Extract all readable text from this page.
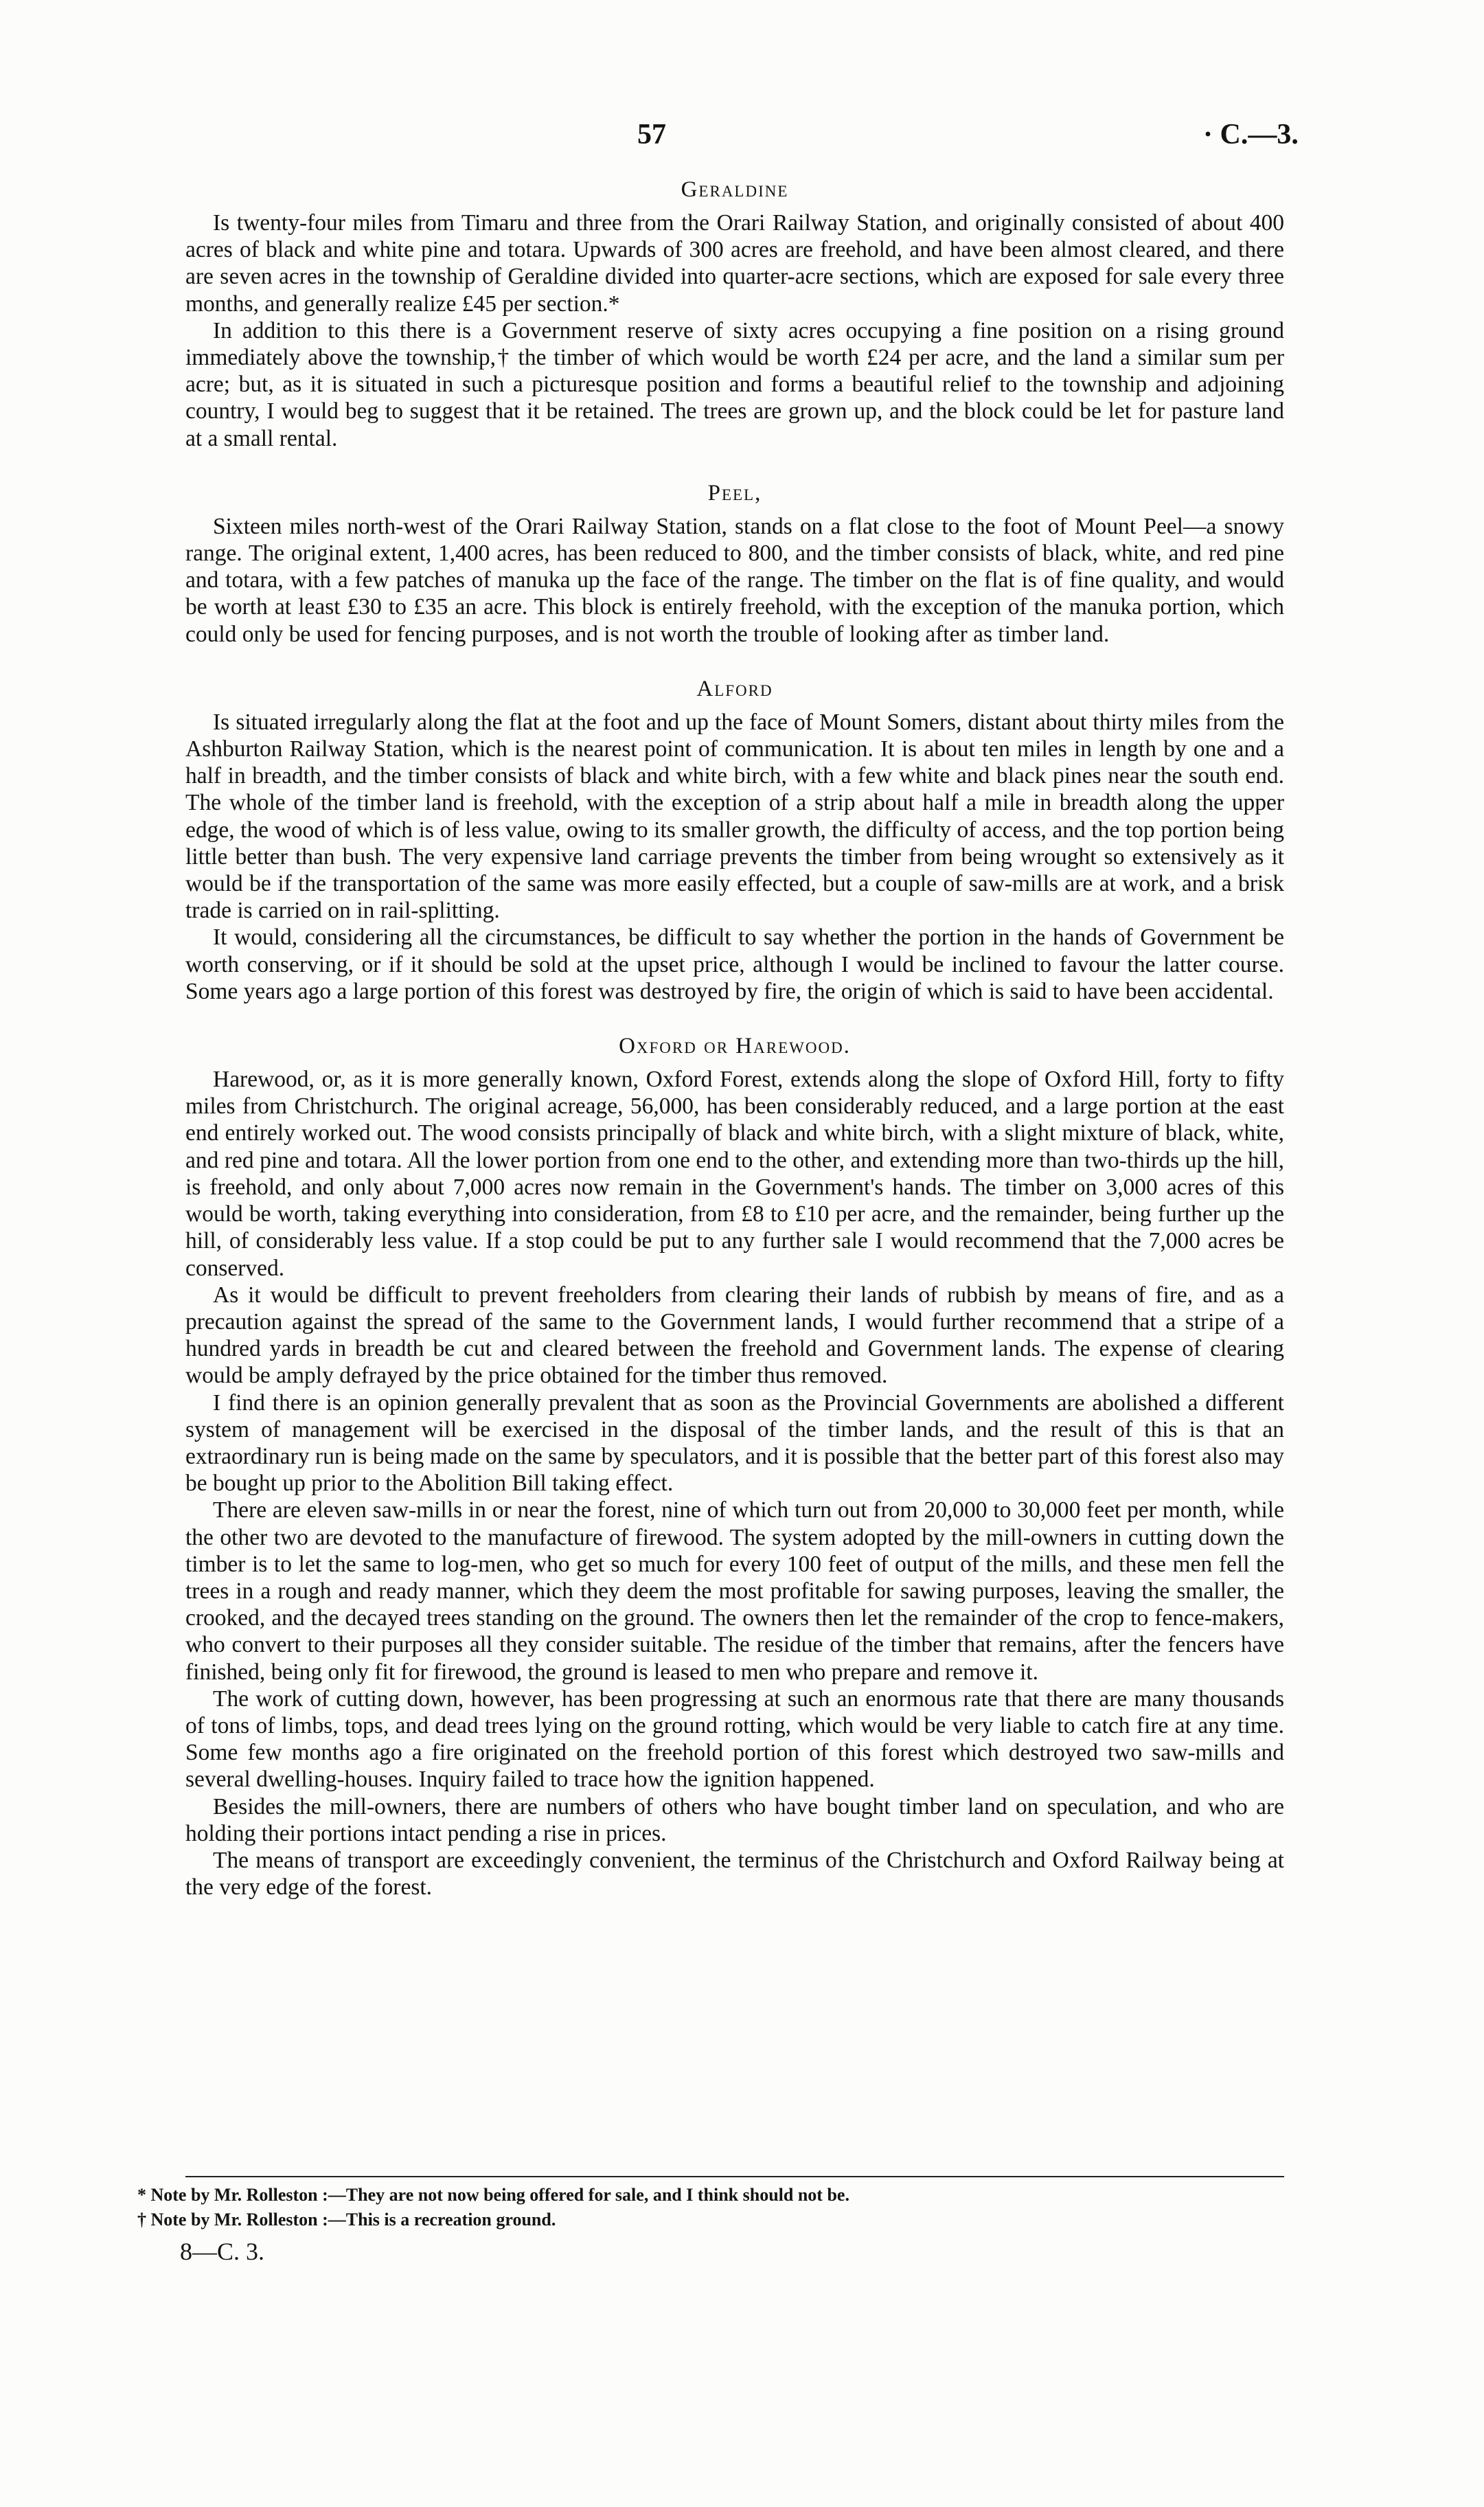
57	· C.—3.
Geraldine

Is twenty-four miles from Timaru and three from the Orari Railway Station, and originally consisted of about 400 acres of black and white pine and totara. Upwards of 300 acres are freehold, and have been almost cleared, and there are seven acres in the township of Geraldine divided into quarter-acre sections, which are exposed for sale every three months, and generally realize £45 per section.*

In addition to this there is a Government reserve of sixty acres occupying a fine position on a rising ground immediately above the township,† the timber of which would be worth £24 per acre, and the land a similar sum per acre; but, as it is situated in such a picturesque position and forms a beautiful relief to the township and adjoining country, I would beg to suggest that it be retained. The trees are grown up, and the block could be let for pasture land at a small rental.

Peel,

Sixteen miles north-west of the Orari Railway Station, stands on a flat close to the foot of Mount Peel—a snowy range. The original extent, 1,400 acres, has been reduced to 800, and the timber consists of black, white, and red pine and totara, with a few patches of manuka up the face of the range. The timber on the flat is of fine quality, and would be worth at least £30 to £35 an acre. This block is entirely freehold, with the exception of the manuka portion, which could only be used for fencing purposes, and is not worth the trouble of looking after as timber land.

Alford

Is situated irregularly along the flat at the foot and up the face of Mount Somers, distant about thirty miles from the Ashburton Railway Station, which is the nearest point of communication. It is about ten miles in length by one and a half in breadth, and the timber consists of black and white birch, with a few white and black pines near the south end. The whole of the timber land is freehold, with the exception of a strip about half a mile in breadth along the upper edge, the wood of which is of less value, owing to its smaller growth, the difficulty of access, and the top portion being little better than bush. The very expensive land carriage prevents the timber from being wrought so extensively as it would be if the transportation of the same was more easily effected, but a couple of saw-mills are at work, and a brisk trade is carried on in rail-splitting.

It would, considering all the circumstances, be difficult to say whether the portion in the hands of Government be worth conserving, or if it should be sold at the upset price, although I would be inclined to favour the latter course. Some years ago a large portion of this forest was destroyed by fire, the origin of which is said to have been accidental.

Oxford or Harewood.

Harewood, or, as it is more generally known, Oxford Forest, extends along the slope of Oxford Hill, forty to fifty miles from Christchurch. The original acreage, 56,000, has been considerably reduced, and a large portion at the east end entirely worked out. The wood consists principally of black and white birch, with a slight mixture of black, white, and red pine and totara. All the lower portion from one end to the other, and extending more than two-thirds up the hill, is freehold, and only about 7,000 acres now remain in the Government's hands. The timber on 3,000 acres of this would be worth, taking everything into consideration, from £8 to £10 per acre, and the remainder, being further up the hill, of considerably less value. If a stop could be put to any further sale I would recommend that the 7,000 acres be conserved.

As it would be difficult to prevent freeholders from clearing their lands of rubbish by means of fire, and as a precaution against the spread of the same to the Government lands, I would further recommend that a stripe of a hundred yards in breadth be cut and cleared between the freehold and Government lands. The expense of clearing would be amply defrayed by the price obtained for the timber thus removed.

I find there is an opinion generally prevalent that as soon as the Provincial Governments are abolished a different system of management will be exercised in the disposal of the timber lands, and the result of this is that an extraordinary run is being made on the same by speculators, and it is possible that the better part of this forest also may be bought up prior to the Abolition Bill taking effect.

There are eleven saw-mills in or near the forest, nine of which turn out from 20,000 to 30,000 feet per month, while the other two are devoted to the manufacture of firewood. The system adopted by the mill-owners in cutting down the timber is to let the same to log-men, who get so much for every 100 feet of output of the mills, and these men fell the trees in a rough and ready manner, which they deem the most profitable for sawing purposes, leaving the smaller, the crooked, and the decayed trees standing on the ground. The owners then let the remainder of the crop to fence-makers, who convert to their purposes all they consider suitable. The residue of the timber that remains, after the fencers have finished, being only fit for firewood, the ground is leased to men who prepare and remove it.

The work of cutting down, however, has been progressing at such an enormous rate that there are many thousands of tons of limbs, tops, and dead trees lying on the ground rotting, which would be very liable to catch fire at any time. Some few months ago a fire originated on the freehold portion of this forest which destroyed two saw-mills and several dwelling-houses. Inquiry failed to trace how the ignition happened.

Besides the mill-owners, there are numbers of others who have bought timber land on speculation, and who are holding their portions intact pending a rise in prices.

The means of transport are exceedingly convenient, the terminus of the Christchurch and Oxford Railway being at the very edge of the forest.

* Note by Mr. Rolleston :—They are not now being offered for sale, and I think should not be.
† Note by Mr. Rolleston :—This is a recreation ground.
8—C. 3.
